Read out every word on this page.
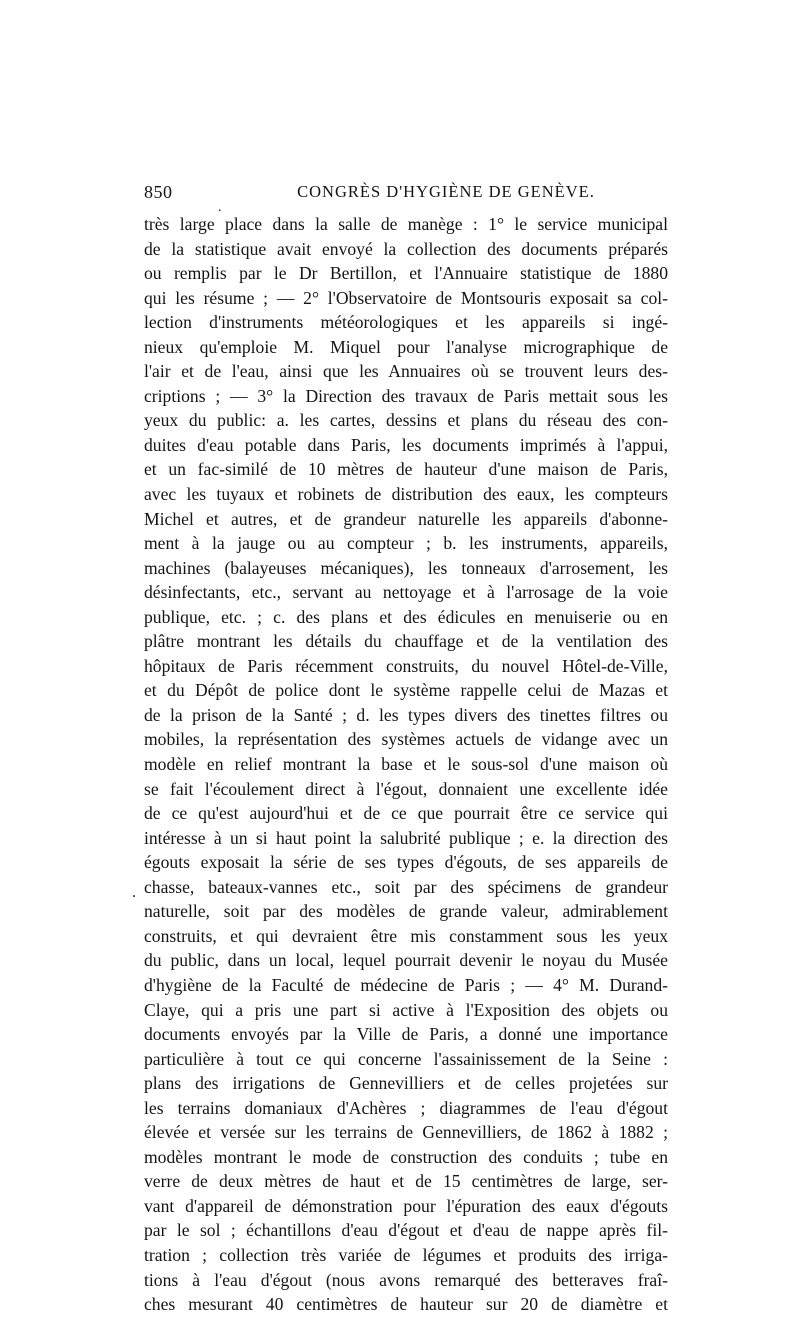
850
.
CONGRÈS D'HYGIÈNE DE GENÈVE.
.
très large place dans la salle de manège : 1° le service municipal
de la statistique avait envoyé la collection des documents préparés
ou remplis par le Dr Bertillon, et l'Annuaire statistique de 1880
qui les résume ; — 2° l'Observatoire de Montsouris exposait sa col-
lection d'instruments météorologiques et les appareils si ingé-
nieux qu'emploie M. Miquel pour l'analyse micrographique de
l'air et de l'eau, ainsi que les Annuaires où se trouvent leurs des-
criptions ; — 3° la Direction des travaux de Paris mettait sous les
yeux du public: a. les cartes, dessins et plans du réseau des con-
duites d'eau potable dans Paris, les documents imprimés à l'appui,
et un fac-similé de 10 mètres de hauteur d'une maison de Paris,
avec les tuyaux et robinets de distribution des eaux, les compteurs
Michel et autres, et de grandeur naturelle les appareils d'abonne-
ment à la jauge ou au compteur ; b. les instruments, appareils,
machines (balayeuses mécaniques), les tonneaux d'arrosement, les
désinfectants, etc., servant au nettoyage et à l'arrosage de la voie
publique, etc. ; c. des plans et des édicules en menuiserie ou en
plâtre montrant les détails du chauffage et de la ventilation des
hôpitaux de Paris récemment construits, du nouvel Hôtel-de-Ville,
et du Dépôt de police dont le système rappelle celui de Mazas et
de la prison de la Santé ; d. les types divers des tinettes filtres ou
mobiles, la représentation des systèmes actuels de vidange avec un
modèle en relief montrant la base et le sous-sol d'une maison où
se fait l'écoulement direct à l'égout, donnaient une excellente idée
de ce qu'est aujourd'hui et de ce que pourrait être ce service qui
intéresse à un si haut point la salubrité publique ; e. la direction des
égouts exposait la série de ses types d'égouts, de ses appareils de
chasse, bateaux-vannes etc., soit par des spécimens de grandeur
naturelle, soit par des modèles de grande valeur, admirablement
construits, et qui devraient être mis constamment sous les yeux
du public, dans un local, lequel pourrait devenir le noyau du Musée
d'hygiène de la Faculté de médecine de Paris ; — 4° M. Durand-
Claye, qui a pris une part si active à l'Exposition des objets ou
documents envoyés par la Ville de Paris, a donné une importance
particulière à tout ce qui concerne l'assainissement de la Seine :
plans des irrigations de Gennevilliers et de celles projetées sur
les terrains domaniaux d'Achères ; diagrammes de l'eau d'égout
élevée et versée sur les terrains de Gennevilliers, de 1862 à 1882 ;
modèles montrant le mode de construction des conduits ; tube en
verre de deux mètres de haut et de 15 centimètres de large, ser-
vant d'appareil de démonstration pour l'épuration des eaux d'égouts
par le sol ; échantillons d'eau d'égout et d'eau de nappe après fil-
tration ; collection très variée de légumes et produits des irriga-
tions à l'eau d'égout (nous avons remarqué des betteraves fraî-
ches mesurant 40 centimètres de hauteur sur 20 de diamètre et
